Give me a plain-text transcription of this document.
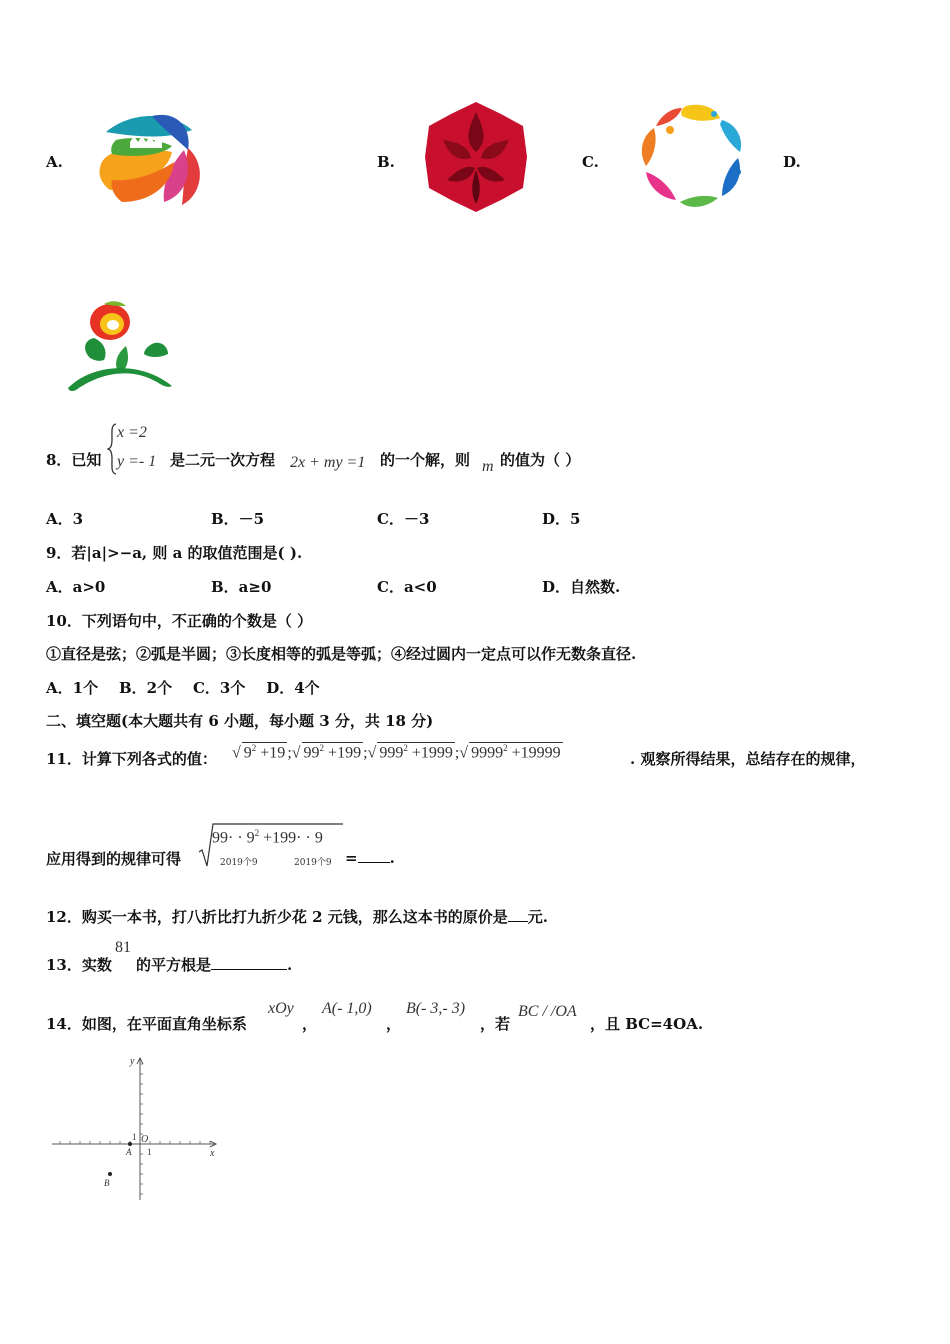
A.	B.	C.	D.
8．已知
x =2
y =- 1 是二元一次方程 2x + my =1 的一个解，则 m 的值为（ ）
A．3	B．－5	C．－3	D．5
9．若|a|>−a, 则 a 的取值范围是( ).
A．a>0	B．a≥0	C．a<0	D．自然数.
10．下列语句中，不正确的个数是（ ）
①直径是弦；②弧是半圆；③长度相等的弧是等弧；④经过圆内一定点可以作无数条直径.
A．1个    B．2个    C．3个    D．4个
二、填空题(本大题共有 6 小题，每小题 3 分，共 18 分)
11．计算下列各式的值： √ $9^2 +19$ ;√ $99^2 +199$ ;√ $999^2 +1999$ ;√ $9999^2 +19999$	. 观察所得结果，总结存在的规律，
应用得到的规律可得
$99\cdot \cdot 9^2 +199\cdot \cdot 9$
2019个9	2019个9 = .
12．购买一本书，打八折比打九折少花 2 元钱，那么这本书的原价是 元.
13．实数
81
的平方根是	.
14．如图，在平面直角坐标系
xOy
，
A(- 1,0)
，
B(- 3,- 3)
，若
BC / /OA
，且 BC=4OA.
x
y
O
1
1
A
B
